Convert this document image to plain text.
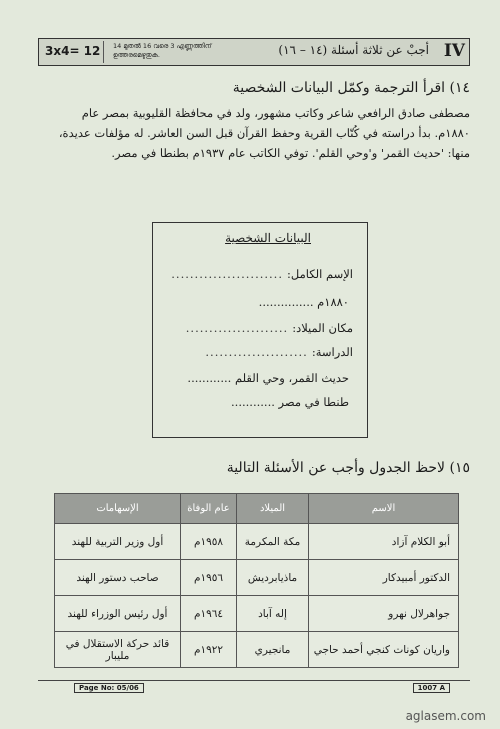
3x4= 12 14 മുതൽ 16 വരെ 3 എണ്ണത്തിന് ഉത്തരമെഴുതുക.	أجبْ عن ثلاثة أسئلة (١٤ – ١٦) IV
١٤) اقرأ الترجمة وكمّل البيانات الشخصية
مصطفى صادق الرافعي شاعر وكاتب مشهور، ولد في محافظة القليوبية بمصر عام ١٨٨٠م. بدأ دراسته في كُتّاب القرية وحفظ القرآن قبل السن العاشر. له مؤلفات عديدة، منها: 'حديث القمر' و'وحي القلم'. توفي الكاتب عام ١٩٣٧م بطنطا في مصر.
البيانات الشخصية
الإسم الكامل:
........................
١٨٨٠م ...............
مكان الميلاد:
......................
الدراسة:
......................
حديث القمر، وحي القلم ............
طنطا في مصر ............
١٥) لاحظ الجدول وأجب عن الأسئلة التالية
الاسم	الميلاد	عام الوفاة	الإسهامات
أبو الكلام آزاد	مكة المكرمة	١٩٥٨م	أول وزير التربية للهند
الدكتور أمبيدكار	ماذيابرديش	١٩٥٦م	صاحب دستور الهند
جواهرلال نهرو	إله آباد	١٩٦٤م	أول رئيس الوزراء للهند
واريان كونات كنجي أحمد حاجي	مانجيري	١٩٢٢م	قائد حركة الاستقلال في مليبار
Page No: 05/06	1007 A
aglasem.com
